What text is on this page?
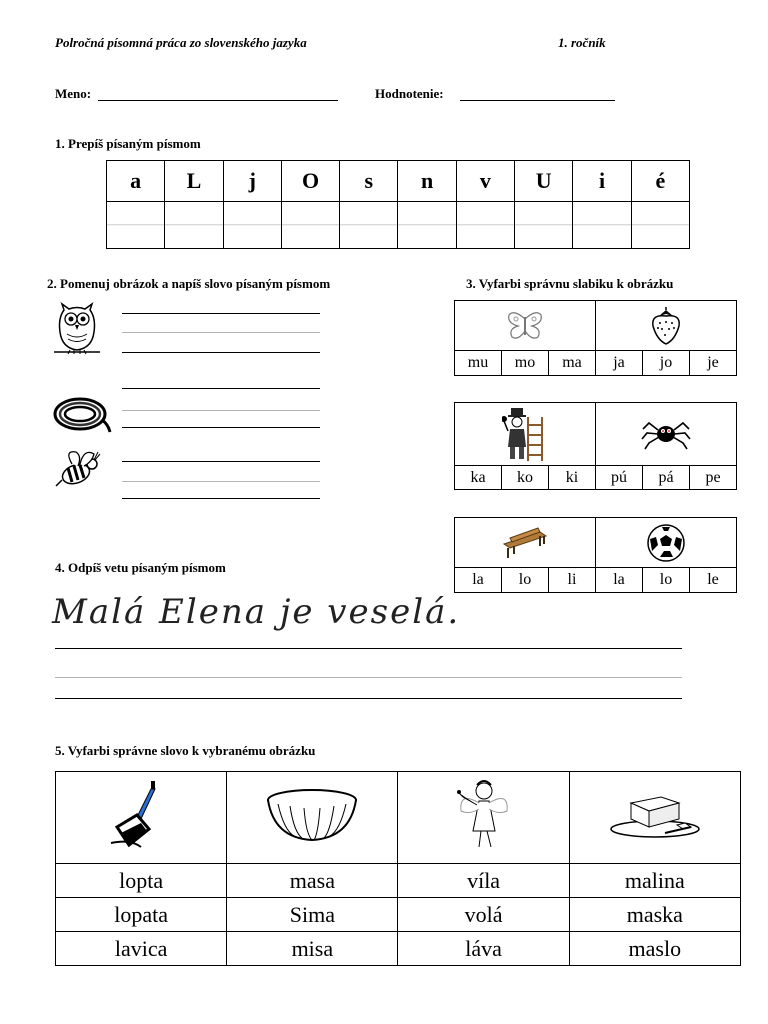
Polročná písomná práca zo slovenského jazyka	1. ročník
Meno:	Hodnotenie:
1. Prepíš písaným písmom
a	L	j	O	s	n	v	U	i	é

2. Pomenuj obrázok a napíš slovo písaným písmom	3. Vyfarbi správnu slabiku k obrázku
mu	mo	ma	ja	jo	je
ka	ko	ki	pú	pá	pe
la	lo	li	la	lo	le
4. Odpíš vetu písaným písmom
Malá Elena je veselá.
5. Vyfarbi správne slovo k vybranému obrázku

lopta	masa	víla	malina
lopata	Sima	volá	maska
lavica	misa	láva	maslo
